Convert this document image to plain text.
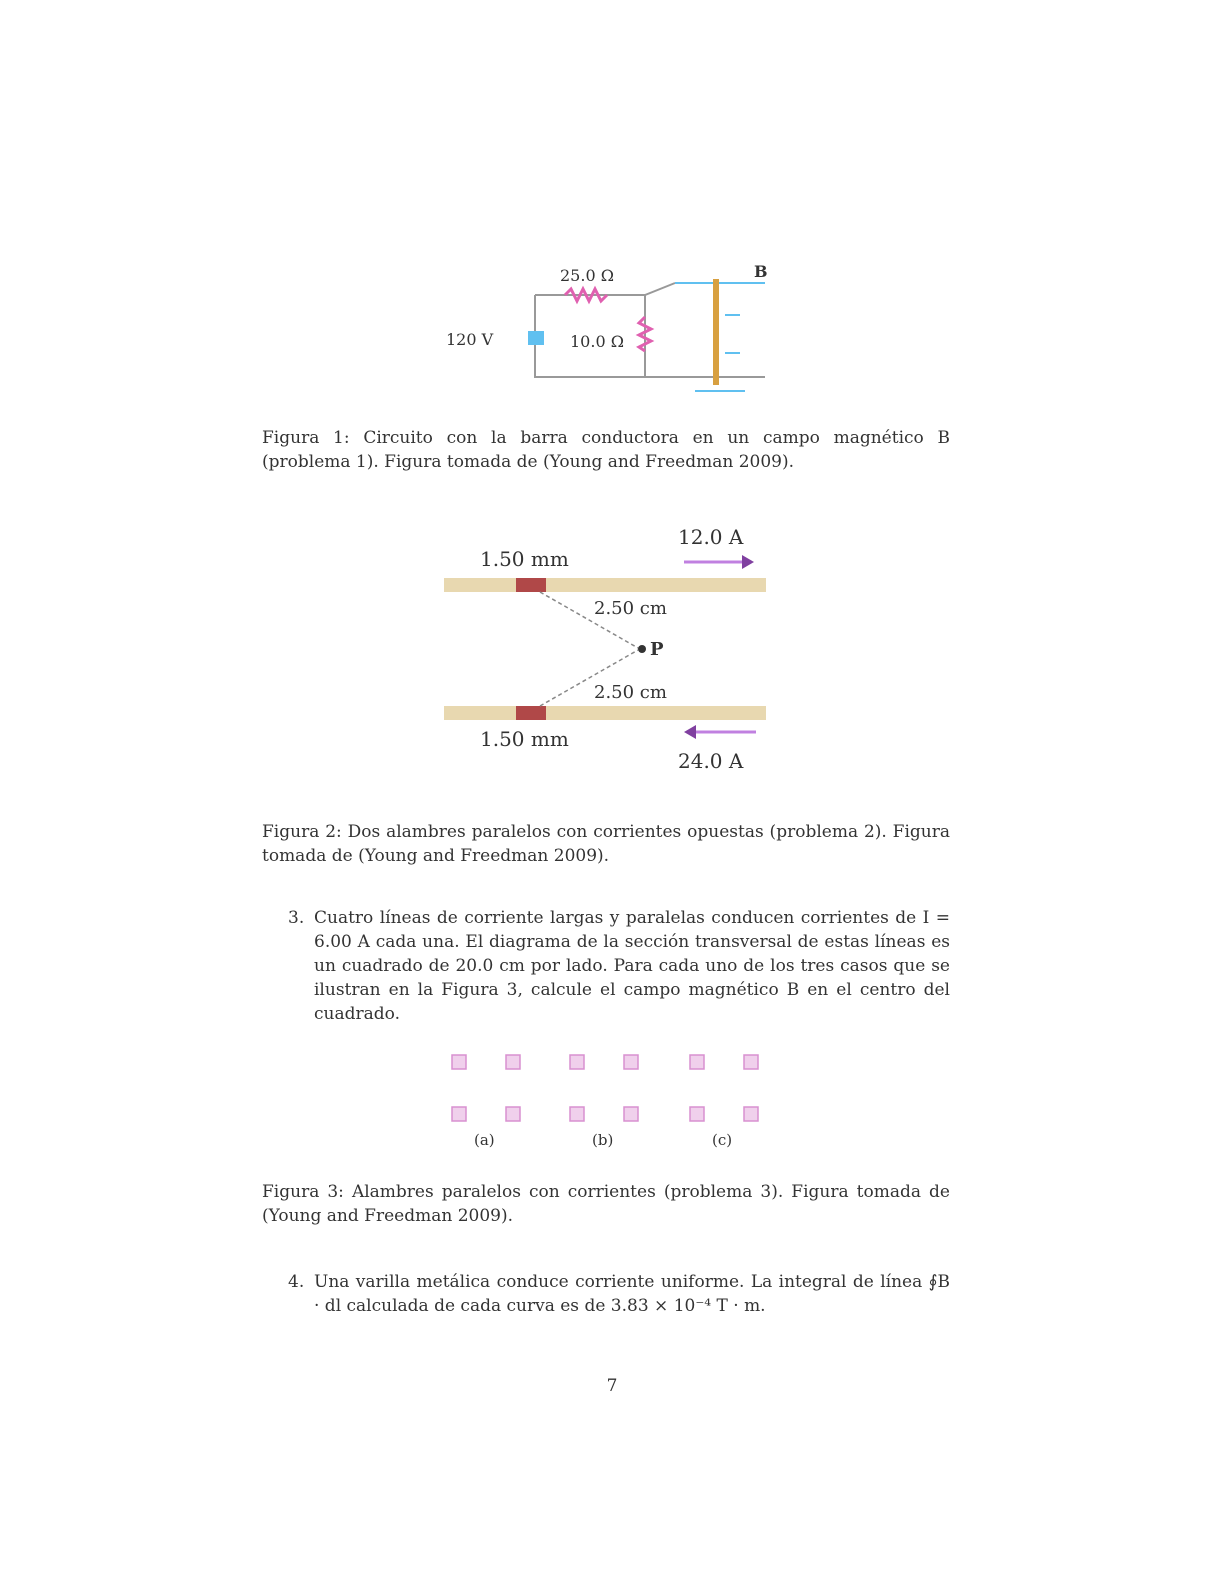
25.0 Ω
120 V	10.0 Ω
B
Figura 1: Circuito con la barra conductora en un campo magnético B (problema 1). Figura tomada de (Young and Freedman 2009).
1.50 mm
12.0 A
2.50 cm
P
2.50 cm
1.50 mm
24.0 A
Figura 2: Dos alambres paralelos con corrientes opuestas (problema 2). Figura tomada de (Young and Freedman 2009).
3. Cuatro líneas de corriente largas y paralelas conducen corrientes de I = 6.00 A cada una. El diagrama de la sección transversal de estas líneas es un cuadrado de 20.0 cm por lado. Para cada uno de los tres casos que se ilustran en la Figura 3, calcule el campo magnético B en el centro del cuadrado.
(a)	(b)	(c)
Figura 3: Alambres paralelos con corrientes (problema 3). Figura tomada de (Young and Freedman 2009).
4. Una varilla metálica conduce corriente uniforme. La integral de línea ∮B · dl calculada de cada curva es de 3.83 × 10⁻⁴ T · m.
7
